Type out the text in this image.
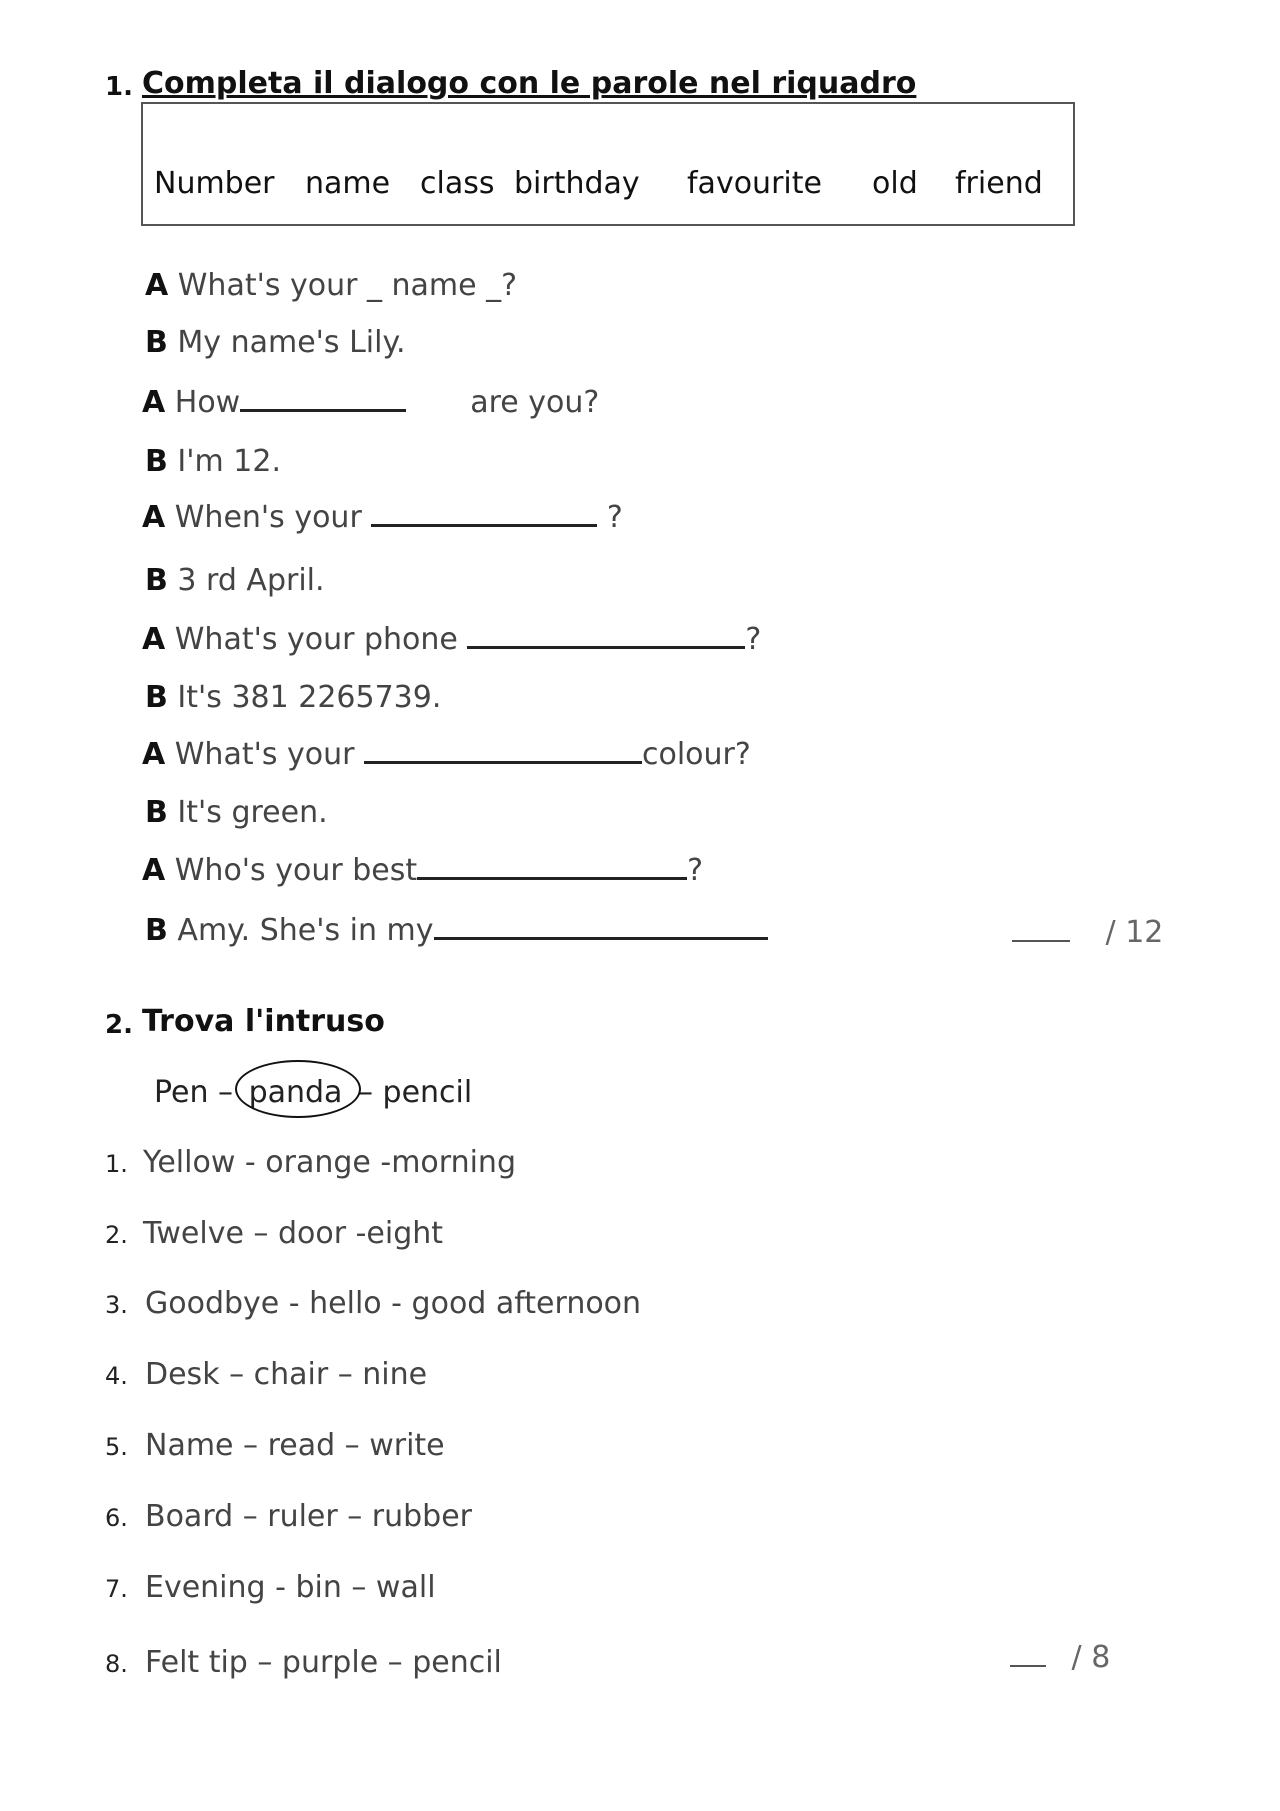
1. Completa il dialogo con le parole nel riquadro
Number name class birthday favourite old friend
A What's your _ name _?
B My name's Lily.
A How	are you?
B I'm 12.
A When's your	?
B 3 rd April.
A What's your phone	?
B It's 381 2265739.
A What's your	colour?
B It's green.
A Who's your best	?
B Amy. She's in my	/ 12
2. Trova l'intruso
Pen – panda – pencil
1. Yellow - orange -morning
2. Twelve – door -eight
3. Goodbye - hello - good afternoon
4. Desk – chair – nine
5. Name – read – write
6. Board – ruler – rubber
7. Evening - bin – wall
8. Felt tip – purple – pencil	/ 8
